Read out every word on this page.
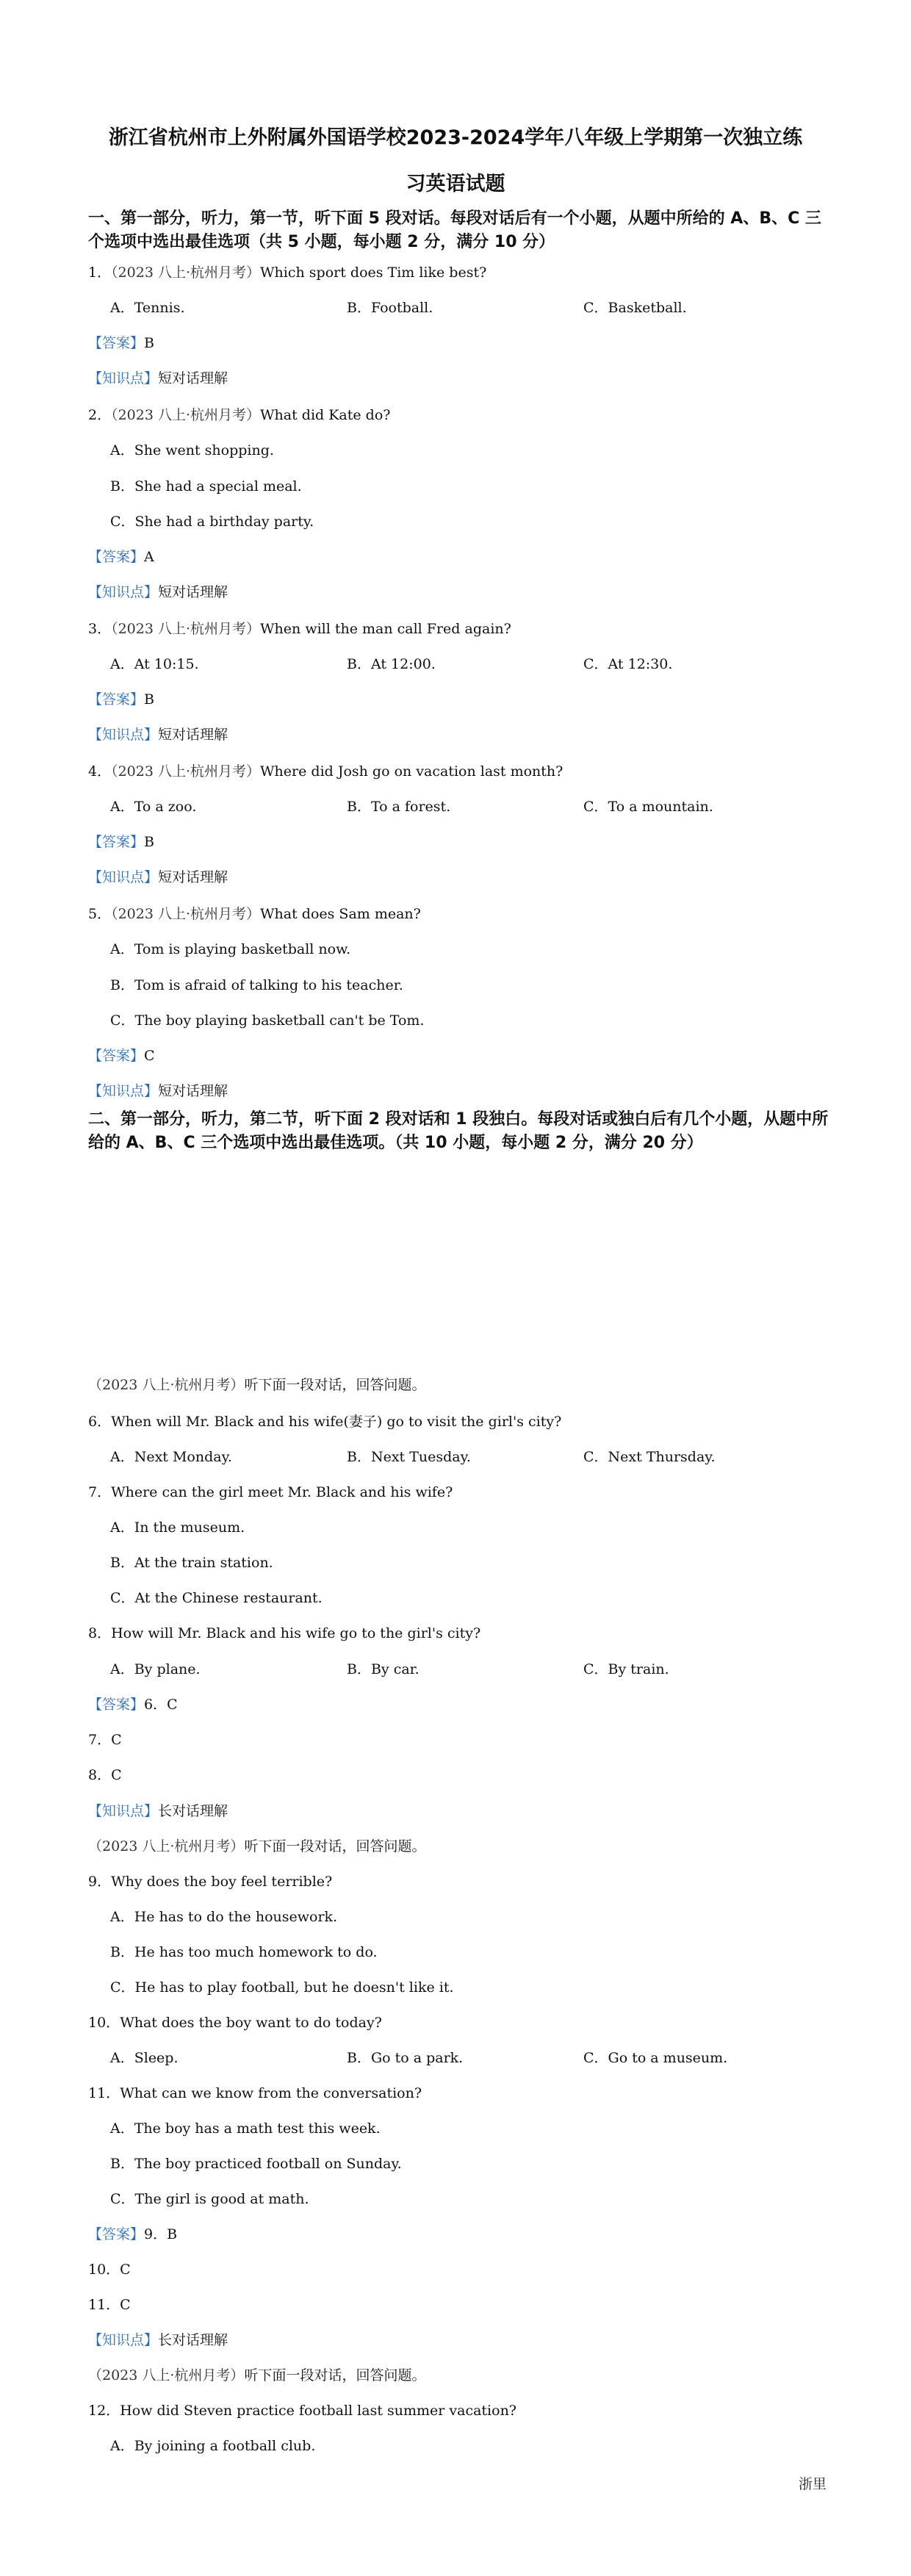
浙江省杭州市上外附属外国语学校2023-2024学年八年级上学期第一次独立练
习英语试题
一、第一部分，听力，第一节，听下面 5 段对话。每段对话后有一个小题，从题中所给的 A、B、C 三个选项中选出最佳选项（共 5 小题，每小题 2 分，满分 10 分）
1．（2023 八上·杭州月考）Which sport does Tim like best?
A．Tennis.	B．Football.	C．Basketball.
【答案】B
【知识点】短对话理解
2．（2023 八上·杭州月考）What did Kate do?
A．She went shopping.
B．She had a special meal.
C．She had a birthday party.
【答案】A
【知识点】短对话理解
3．（2023 八上·杭州月考）When will the man call Fred again?
A．At 10:15.	B．At 12:00.	C．At 12:30.
【答案】B
【知识点】短对话理解
4．（2023 八上·杭州月考）Where did Josh go on vacation last month?
A．To a zoo.	B．To a forest.	C．To a mountain.
【答案】B
【知识点】短对话理解
5．（2023 八上·杭州月考）What does Sam mean?
A．Tom is playing basketball now.
B．Tom is afraid of talking to his teacher.
C．The boy playing basketball can't be Tom.
【答案】C
【知识点】短对话理解
二、第一部分，听力，第二节，听下面 2 段对话和 1 段独白。每段对话或独白后有几个小题，从题中所给的 A、B、C 三个选项中选出最佳选项。（共 10 小题，每小题 2 分，满分 20 分）
（2023 八上·杭州月考）听下面一段对话，回答问题。
6．When will Mr. Black and his wife(妻子) go to visit the girl's city?
A．Next Monday.	B．Next Tuesday.	C．Next Thursday.
7．Where can the girl meet Mr. Black and his wife?
A．In the museum.
B．At the train station.
C．At the Chinese restaurant.
8．How will Mr. Black and his wife go to the girl's city?
A．By plane.	B．By car.	C．By train.
【答案】6．C
7．C
8．C
【知识点】长对话理解
（2023 八上·杭州月考）听下面一段对话，回答问题。
9．Why does the boy feel terrible?
A．He has to do the housework.
B．He has too much homework to do.
C．He has to play football, but he doesn't like it.
10．What does the boy want to do today?
A．Sleep.	B．Go to a park.	C．Go to a museum.
11．What can we know from the conversation?
A．The boy has a math test this week.
B．The boy practiced football on Sunday.
C．The girl is good at math.
【答案】9．B
10．C
11．C
【知识点】长对话理解
（2023 八上·杭州月考）听下面一段对话，回答问题。
12．How did Steven practice football last summer vacation?
A．By joining a football club.
浙里
